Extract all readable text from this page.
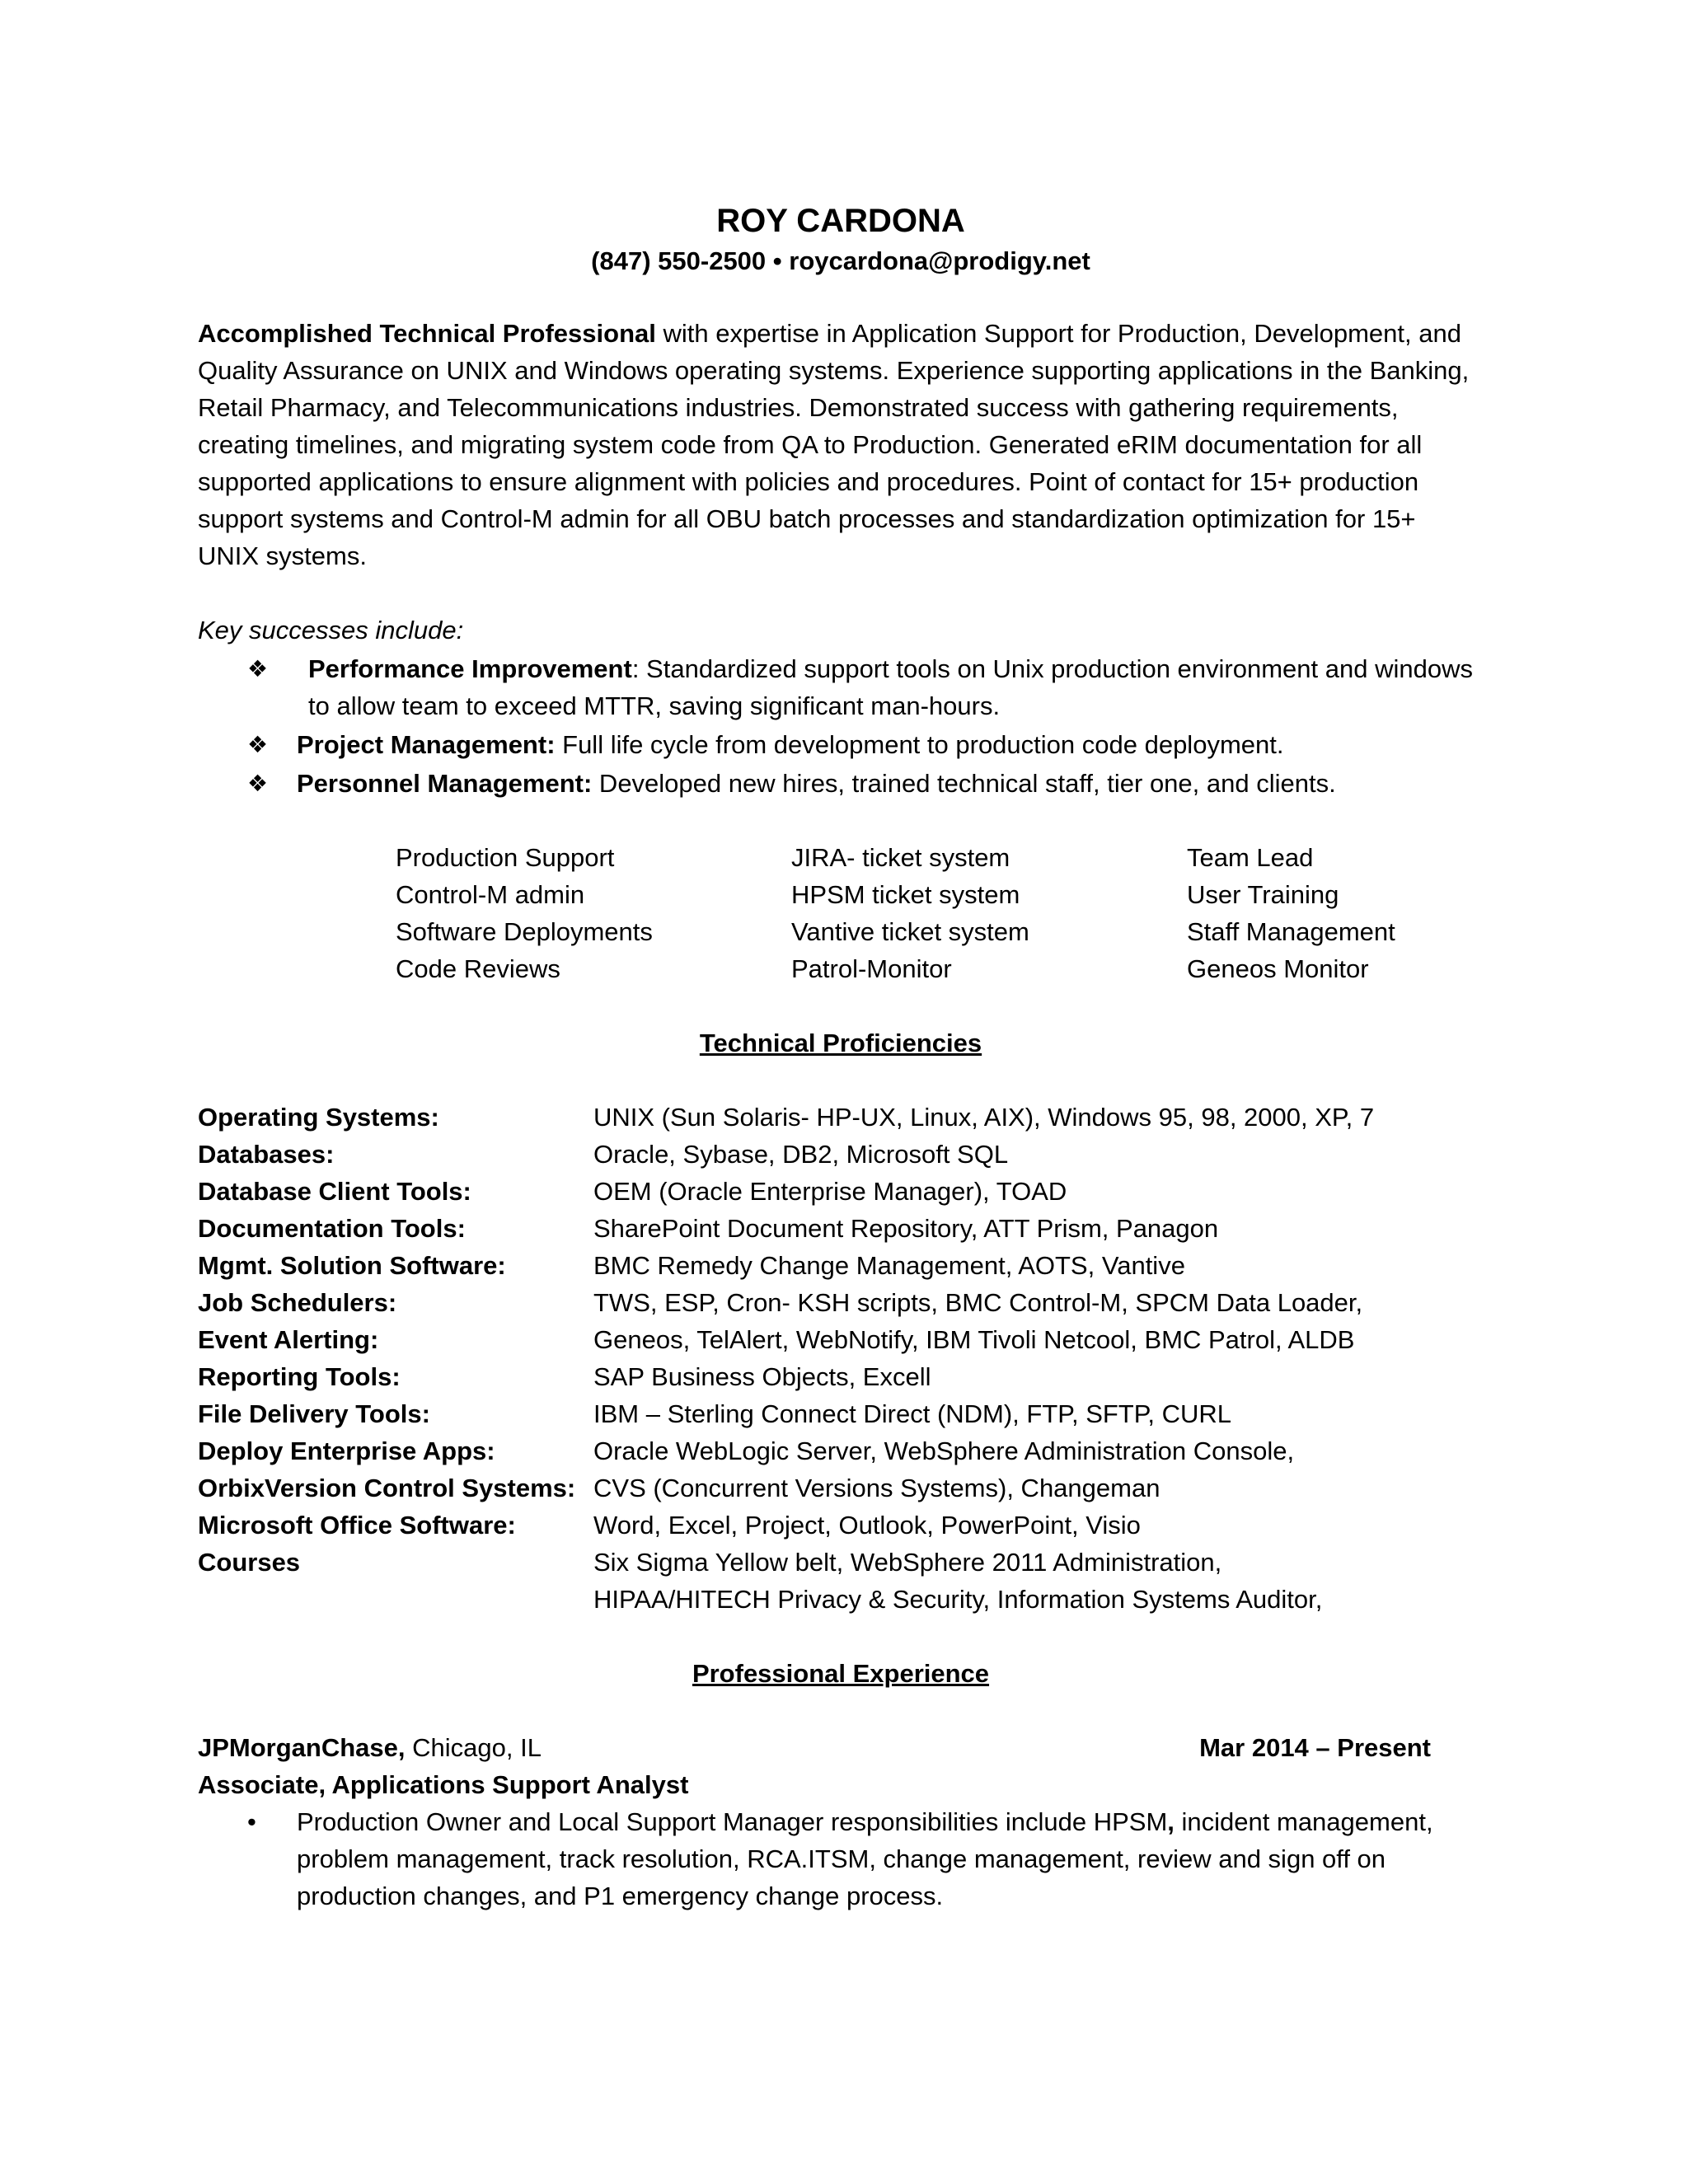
ROY CARDONA

(847) 550-2500 • roycardona@prodigy.net

Accomplished Technical Professional with expertise in Application Support for Production, Development, and Quality Assurance on UNIX and Windows operating systems. Experience supporting applications in the Banking, Retail Pharmacy, and Telecommunications industries. Demonstrated success with gathering requirements, creating timelines, and migrating system code from QA to Production. Generated eRIM documentation for all supported applications to ensure alignment with policies and procedures. Point of contact for 15+ production support systems and Control-M admin for all OBU batch processes and standardization optimization for 15+ UNIX systems.

Key successes include:
❖ Performance Improvement: Standardized support tools on Unix production environment and windows to allow team to exceed MTTR, saving significant man-hours.
❖ Project Management: Full life cycle from development to production code deployment.
❖ Personnel Management: Developed new hires, trained technical staff, tier one, and clients.
Production Support	JIRA- ticket system	Team Lead
Control-M admin	HPSM ticket system	User Training
Software Deployments	Vantive ticket system	Staff Management
Code Reviews	Patrol-Monitor	Geneos Monitor
Technical Proficiencies
Operating Systems:	UNIX (Sun Solaris- HP-UX, Linux, AIX), Windows 95, 98, 2000, XP, 7
Databases:	Oracle, Sybase, DB2, Microsoft SQL
Database Client Tools:	OEM (Oracle Enterprise Manager), TOAD
Documentation Tools:	SharePoint Document Repository, ATT Prism, Panagon
Mgmt. Solution Software:	BMC Remedy Change Management, AOTS, Vantive
Job Schedulers:	TWS, ESP, Cron- KSH scripts, BMC Control-M, SPCM Data Loader,
Event Alerting:	Geneos, TelAlert, WebNotify, IBM Tivoli Netcool, BMC Patrol, ALDB
Reporting Tools:	SAP Business Objects, Excell
File Delivery Tools:	IBM – Sterling Connect Direct (NDM), FTP, SFTP, CURL
Deploy Enterprise Apps:	Oracle WebLogic Server, WebSphere Administration Console,
OrbixVersion Control Systems: CVS (Concurrent Versions Systems), Changeman
Microsoft Office Software:	Word, Excel, Project, Outlook, PowerPoint, Visio
Courses	Six Sigma Yellow belt, WebSphere 2011 Administration,
HIPAA/HITECH Privacy & Security, Information Systems Auditor,
Professional Experience
JPMorganChase, Chicago, IL	Mar 2014 – Present
Associate, Applications Support Analyst
• Production Owner and Local Support Manager responsibilities include HPSM, incident management, problem management, track resolution, RCA.ITSM, change management, review and sign off on production changes, and P1 emergency change process.
